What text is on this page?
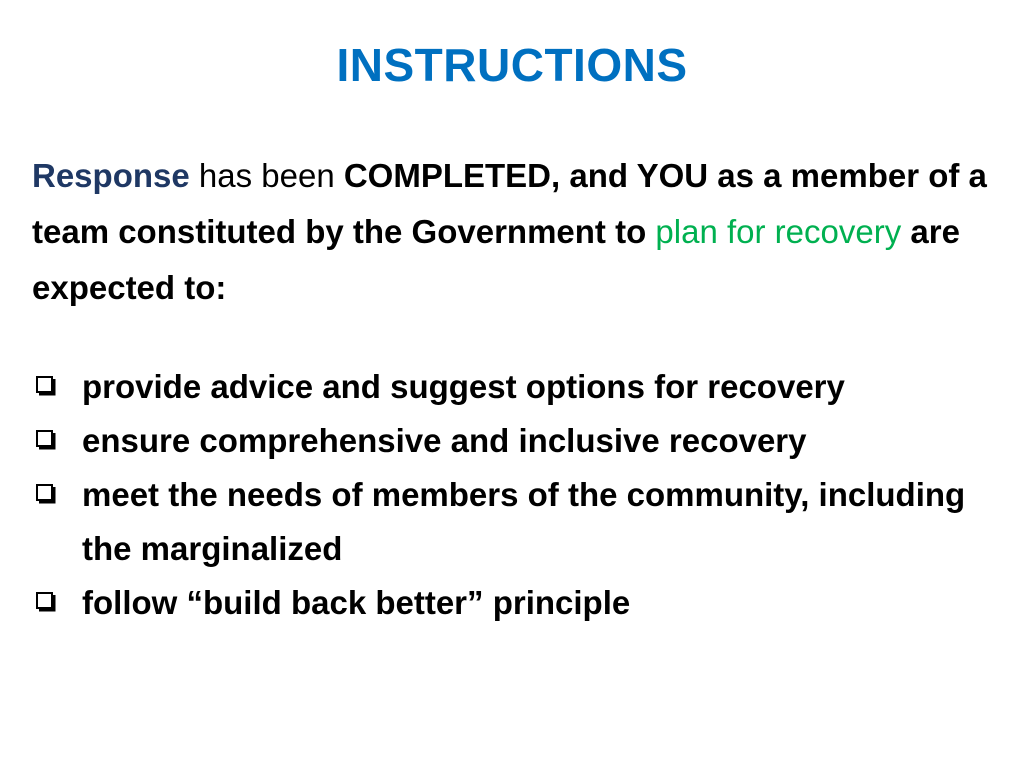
INSTRUCTIONS
Response has been COMPLETED, and YOU as a member of a team constituted by the Government to plan for recovery are expected to:
provide advice and suggest options for recovery
ensure comprehensive and inclusive recovery
meet the needs of members of the community, including the marginalized
follow “build back better” principle
